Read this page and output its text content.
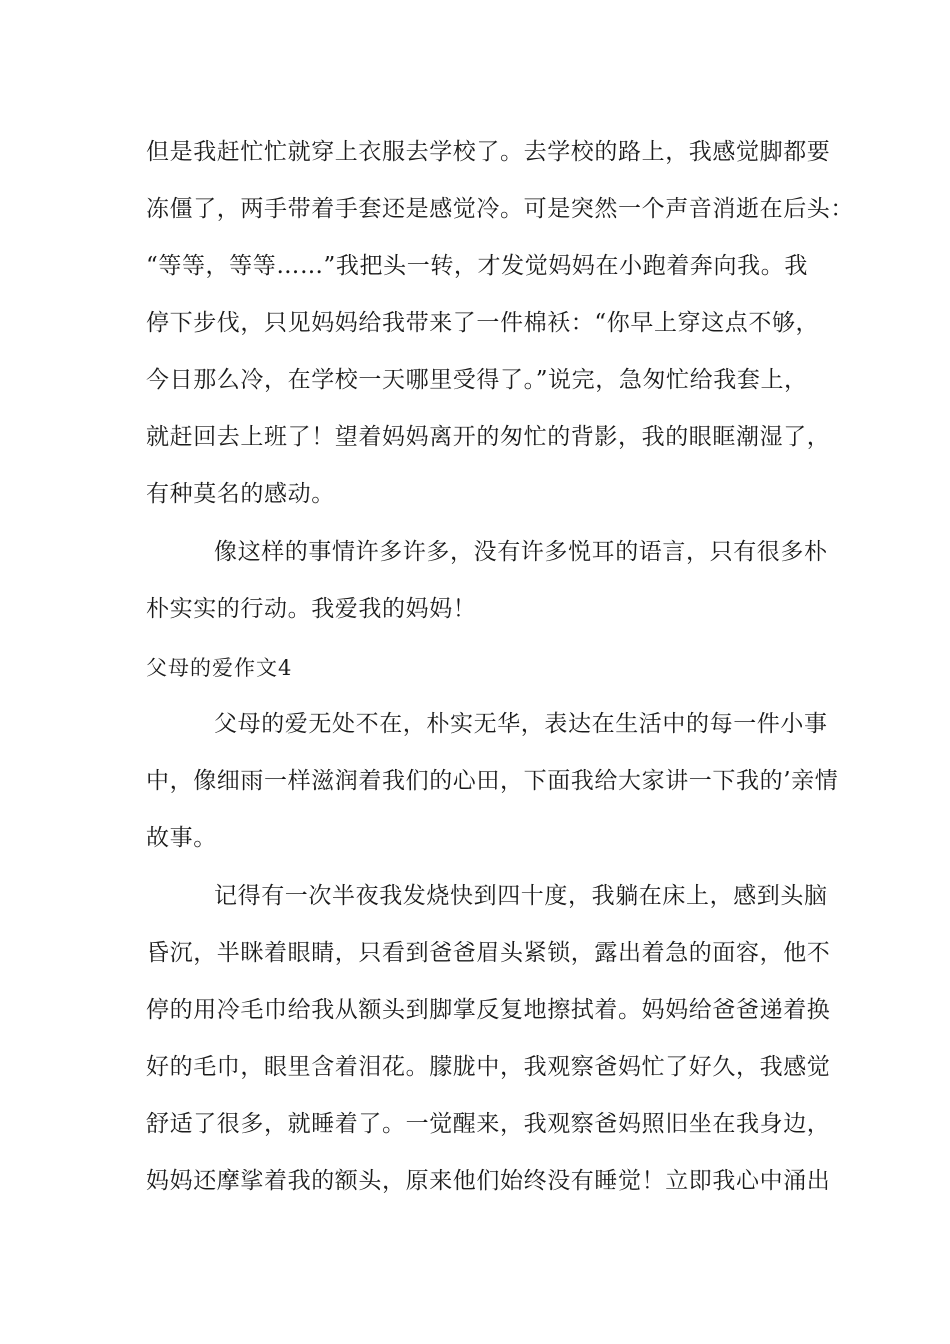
但是我赶忙忙就穿上衣服去学校了。去学校的路上，我感觉脚都要
冻僵了，两手带着手套还是感觉冷。可是突然一个声音消逝在后头：
“等等，等等……”我把头一转，才发觉妈妈在小跑着奔向我。我
停下步伐，只见妈妈给我带来了一件棉袄：“你早上穿这点不够，
今日那么冷，在学校一天哪里受得了。”说完，急匆忙给我套上，
就赶回去上班了！望着妈妈离开的匆忙的背影，我的眼眶潮湿了，
有种莫名的感动。
像这样的事情许多许多，没有许多悦耳的语言，只有很多朴
朴实实的行动。我爱我的妈妈！
父母的爱作文4
父母的爱无处不在，朴实无华，表达在生活中的每一件小事
中，像细雨一样滋润着我们的心田，下面我给大家讲一下我的’亲情
故事。
记得有一次半夜我发烧快到四十度，我躺在床上，感到头脑
昏沉，半眯着眼睛，只看到爸爸眉头紧锁，露出着急的面容，他不
停的用冷毛巾给我从额头到脚掌反复地擦拭着。妈妈给爸爸递着换
好的毛巾，眼里含着泪花。朦胧中，我观察爸妈忙了好久，我感觉
舒适了很多，就睡着了。一觉醒来，我观察爸妈照旧坐在我身边，
妈妈还摩挲着我的额头，原来他们始终没有睡觉！立即我心中涌出
